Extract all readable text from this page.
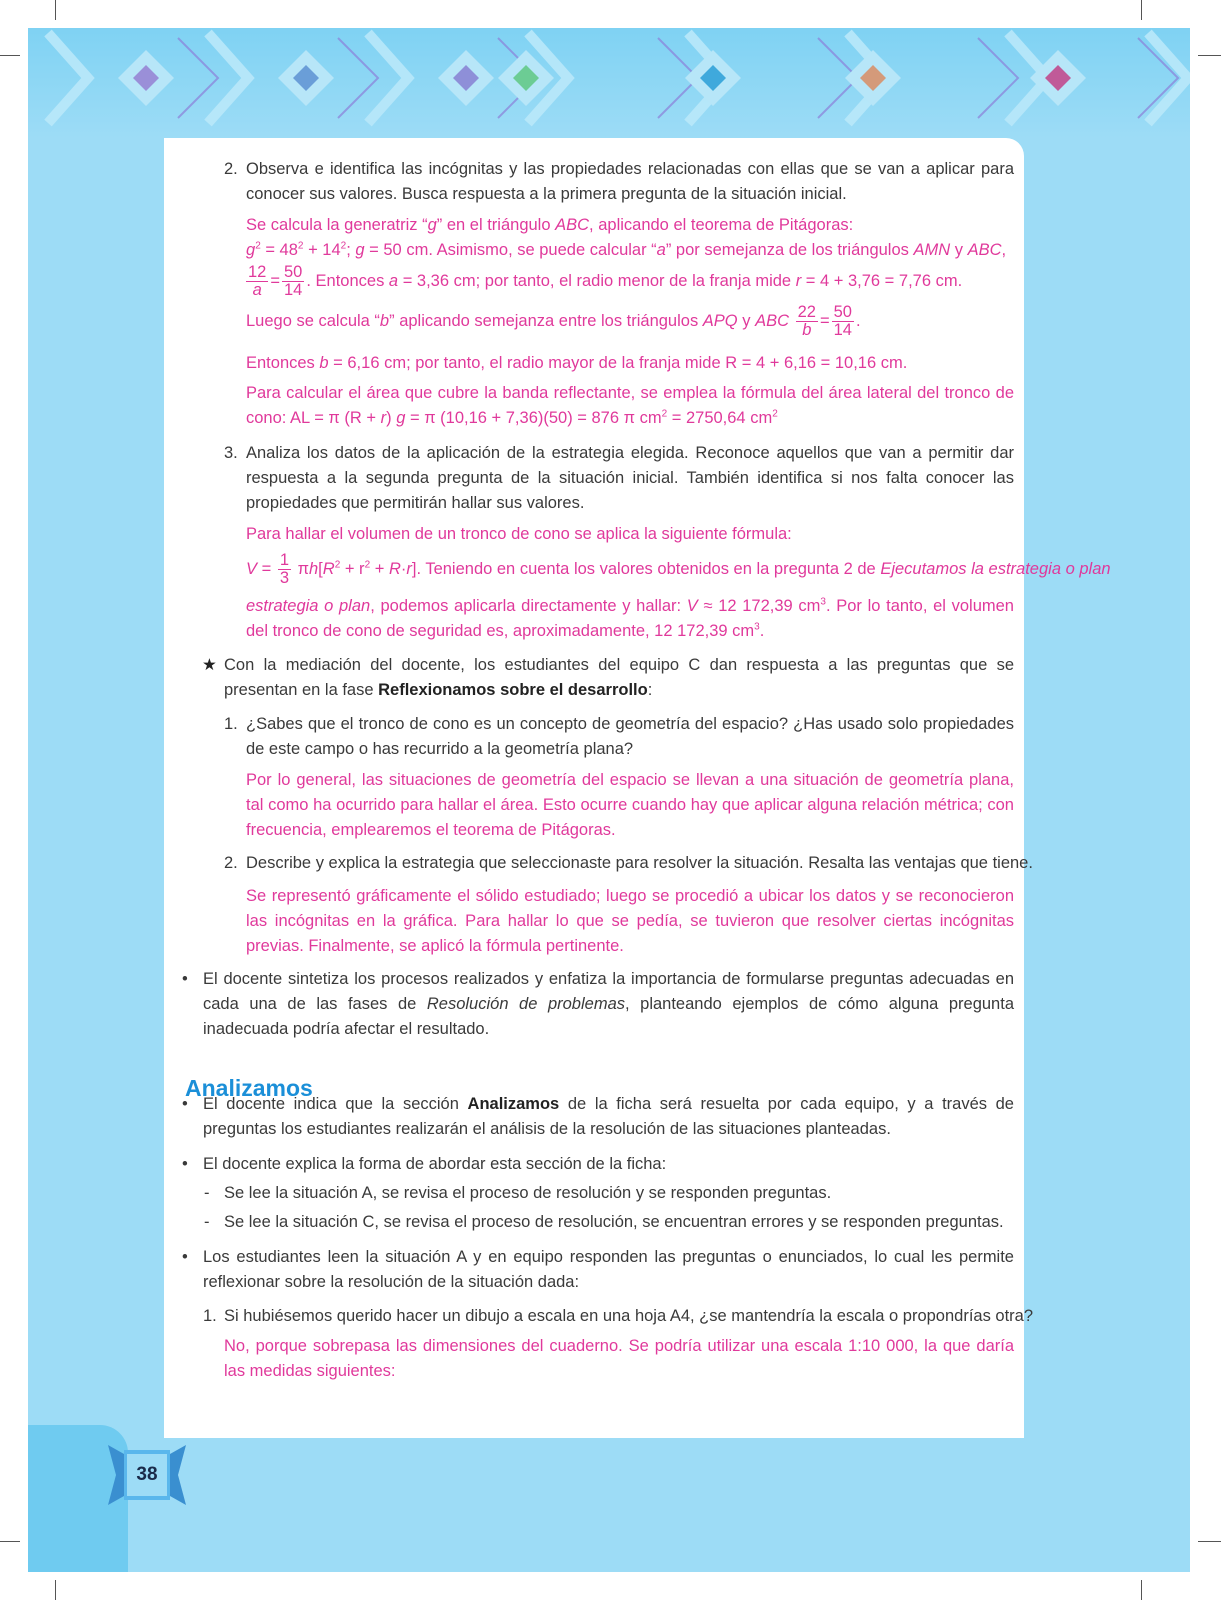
2. Observa e identifica las incógnitas y las propiedades relacionadas con ellas que se van a aplicar para conocer sus valores. Busca respuesta a la primera pregunta de la situación inicial.
Se calcula la generatriz “g” en el triángulo ABC, aplicando el teorema de Pitágoras:
$g^2 = 48^2 + 14^2$; g = 50 cm. Asimismo, se puede calcular “a” por semejanza de los triángulos AMN y ABC,
$\frac{12}{a} = \frac{50}{14}$ . Entonces a = 3,36 cm; por tanto, el radio menor de la franja mide r = 4 + 3,76 = 7,76 cm.
Luego se calcula “b” aplicando semejanza entre los triángulos APQ y ABC $\frac{22}{b} = \frac{50}{14}$ .
Entonces b = 6,16 cm; por tanto, el radio mayor de la franja mide R = 4 + 6,16 = 10,16 cm.
Para calcular el área que cubre la banda reflectante, se emplea la fórmula del área lateral del tronco de cono: AL = π (R + r) g = π (10,16 + 7,36)(50) = 876 π $cm^2 = 2750,64$ $cm^2$
3. Analiza los datos de la aplicación de la estrategia elegida. Reconoce aquellos que van a permitir dar respuesta a la segunda pregunta de la situación inicial. También identifica si nos falta conocer las propiedades que permitirán hallar sus valores.
Para hallar el volumen de un tronco de cono se aplica la siguiente fórmula:
$V = \frac{1}{3} \pi h[R^2 + r^2 + R\cdot r]$. Teniendo en cuenta los valores obtenidos en la pregunta 2 de Ejecutamos la estrategia o plan
estrategia o plan, podemos aplicarla directamente y hallar: V ≈ 12 172,39 $cm^3$. Por lo tanto, el volumen del tronco de cono de seguridad es, aproximadamente, 12 172,39 $cm^3$.
★ Con la mediación del docente, los estudiantes del equipo C dan respuesta a las preguntas que se presentan en la fase Reflexionamos sobre el desarrollo:
1. ¿Sabes que el tronco de cono es un concepto de geometría del espacio? ¿Has usado solo propiedades de este campo o has recurrido a la geometría plana?
Por lo general, las situaciones de geometría del espacio se llevan a una situación de geometría plana, tal como ha ocurrido para hallar el área. Esto ocurre cuando hay que aplicar alguna relación métrica; con frecuencia, emplearemos el teorema de Pitágoras.
2. Describe y explica la estrategia que seleccionaste para resolver la situación. Resalta las ventajas que tiene.
Se representó gráficamente el sólido estudiado; luego se procedió a ubicar los datos y se reconocieron las incógnitas en la gráfica. Para hallar lo que se pedía, se tuvieron que resolver ciertas incógnitas previas. Finalmente, se aplicó la fórmula pertinente.
• El docente sintetiza los procesos realizados y enfatiza la importancia de formularse preguntas adecuadas en cada una de las fases de Resolución de problemas, planteando ejemplos de cómo alguna pregunta inadecuada podría afectar el resultado.
Analizamos
• El docente indica que la sección Analizamos de la ficha será resuelta por cada equipo, y a través de preguntas los estudiantes realizarán el análisis de la resolución de las situaciones planteadas.
• El docente explica la forma de abordar esta sección de la ficha:
- Se lee la situación A, se revisa el proceso de resolución y se responden preguntas.
- Se lee la situación C, se revisa el proceso de resolución, se encuentran errores y se responden preguntas.
• Los estudiantes leen la situación A y en equipo responden las preguntas o enunciados, lo cual les permite reflexionar sobre la resolución de la situación dada:
1. Si hubiésemos querido hacer un dibujo a escala en una hoja A4, ¿se mantendría la escala o propondrías otra?
No, porque sobrepasa las dimensiones del cuaderno. Se podría utilizar una escala 1:10 000, la que daría las medidas siguientes:
38
